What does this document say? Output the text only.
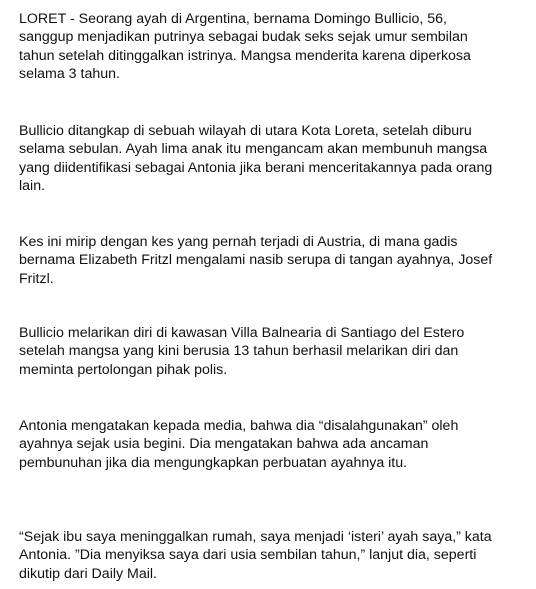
LORET - Seorang ayah di Argentina, bernama Domingo Bullicio, 56,
sanggup menjadikan putrinya sebagai budak seks sejak umur sembilan
tahun setelah ditinggalkan istrinya. Mangsa menderita karena diperkosa
selama 3 tahun.

Bullicio ditangkap di sebuah wilayah di utara Kota Loreta, setelah diburu
selama sebulan. Ayah lima anak itu mengancam akan membunuh mangsa
yang diidentifikasi sebagai Antonia jika berani menceritakannya pada orang
lain.

Kes ini mirip dengan kes yang pernah terjadi di Austria, di mana gadis
bernama Elizabeth Fritzl mengalami nasib serupa di tangan ayahnya, Josef
Fritzl.

Bullicio melarikan diri di kawasan Villa Balnearia di Santiago del Estero
setelah mangsa yang kini berusia 13 tahun berhasil melarikan diri dan
meminta pertolongan pihak polis.

Antonia mengatakan kepada media, bahwa dia “disalahgunakan” oleh
ayahnya sejak usia begini. Dia mengatakan bahwa ada ancaman
pembunuhan jika dia mengungkapkan perbuatan ayahnya itu.

“Sejak ibu saya meninggalkan rumah, saya menjadi ‘isteri’ ayah saya,” kata
Antonia. ”Dia menyiksa saya dari usia sembilan tahun,” lanjut dia, seperti
dikutip dari Daily Mail.
